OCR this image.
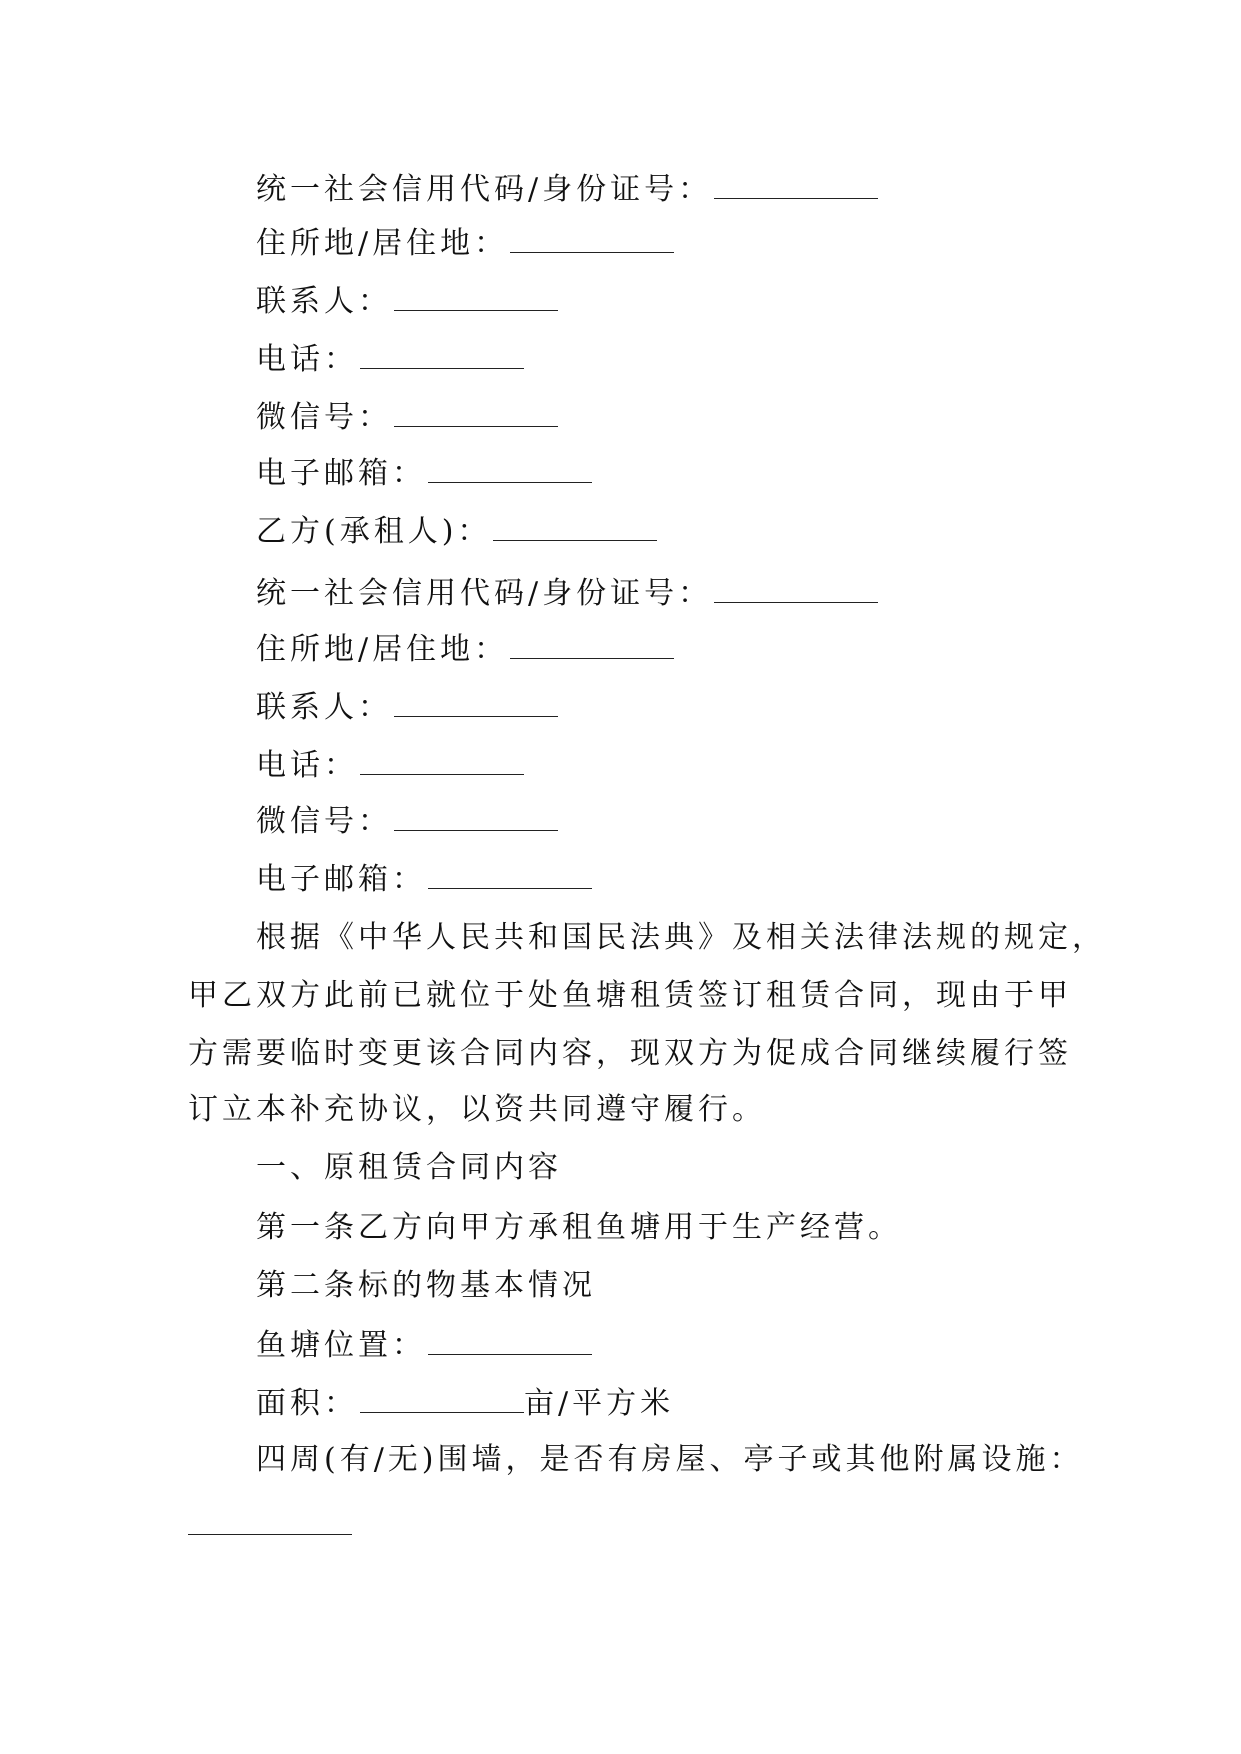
统一社会信用代码/身份证号：
住所地/居住地：
联系人：
电话：
微信号：
电子邮箱：
乙方(承租人)：
统一社会信用代码/身份证号：
住所地/居住地：
联系人：
电话：
微信号：
电子邮箱：
根据《中华人民共和国民法典》及相关法律法规的规定，
甲乙双方此前已就位于处鱼塘租赁签订租赁合同，现由于甲
方需要临时变更该合同内容，现双方为促成合同继续履行签
订立本补充协议，以资共同遵守履行。
一、原租赁合同内容
第一条乙方向甲方承租鱼塘用于生产经营。
第二条标的物基本情况
鱼塘位置：
面积：	亩/平方米
四周(有/无)围墙，是否有房屋、亭子或其他附属设施：
